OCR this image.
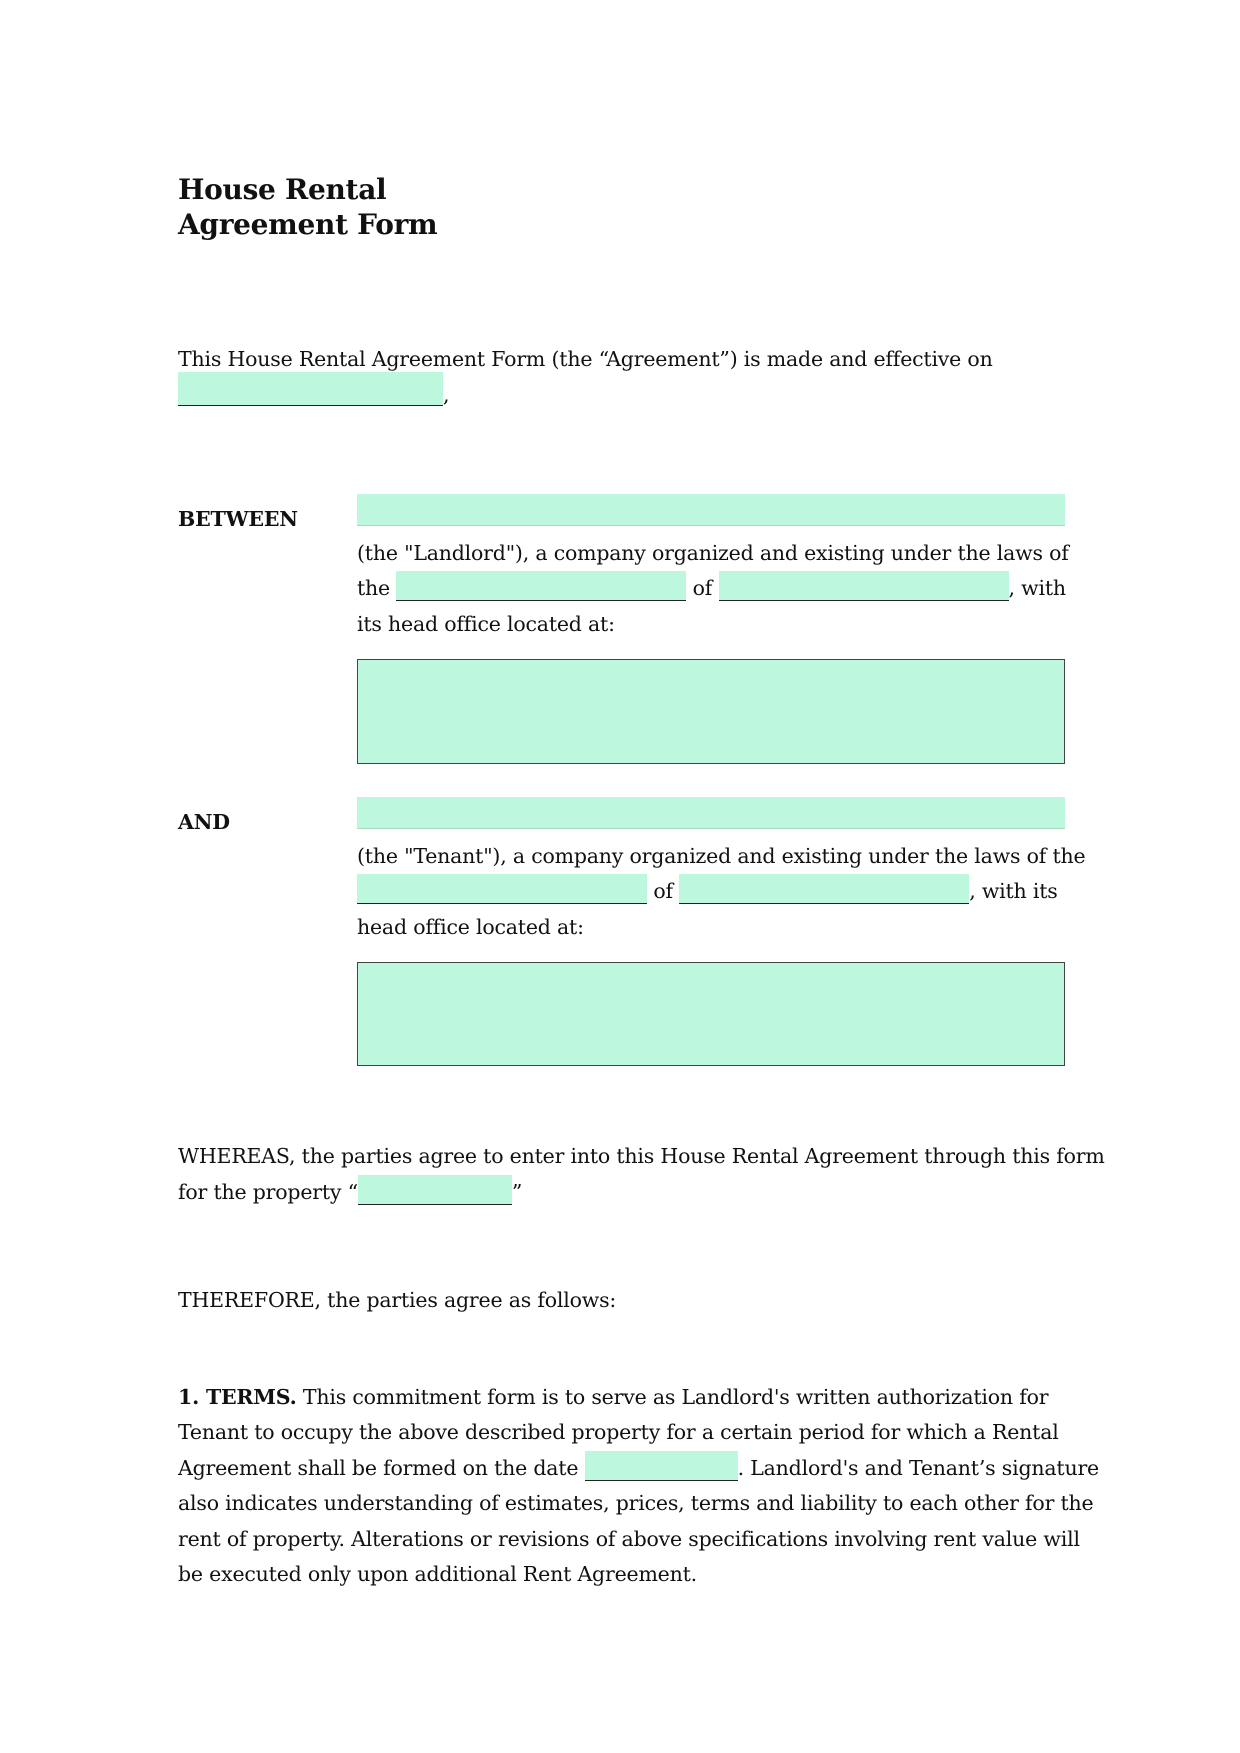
House Rental
Agreement Form
This House Rental Agreement Form (the “Agreement”) is made and effective on
,
BETWEEN
(the "Landlord"), a company organized and existing under the laws of
the	of	, with
its head office located at:
AND
(the "Tenant"), a company organized and existing under the laws of the
of	, with its
head office located at:
WHEREAS, the parties agree to enter into this House Rental Agreement through this form
for the property “	”
THEREFORE, the parties agree as follows:
1. TERMS. This commitment form is to serve as Landlord's written authorization for
Tenant to occupy the above described property for a certain period for which a Rental
Agreement shall be formed on the date	. Landlord's and Tenant’s signature
also indicates understanding of estimates, prices, terms and liability to each other for the
rent of property. Alterations or revisions of above specifications involving rent value will
be executed only upon additional Rent Agreement.
